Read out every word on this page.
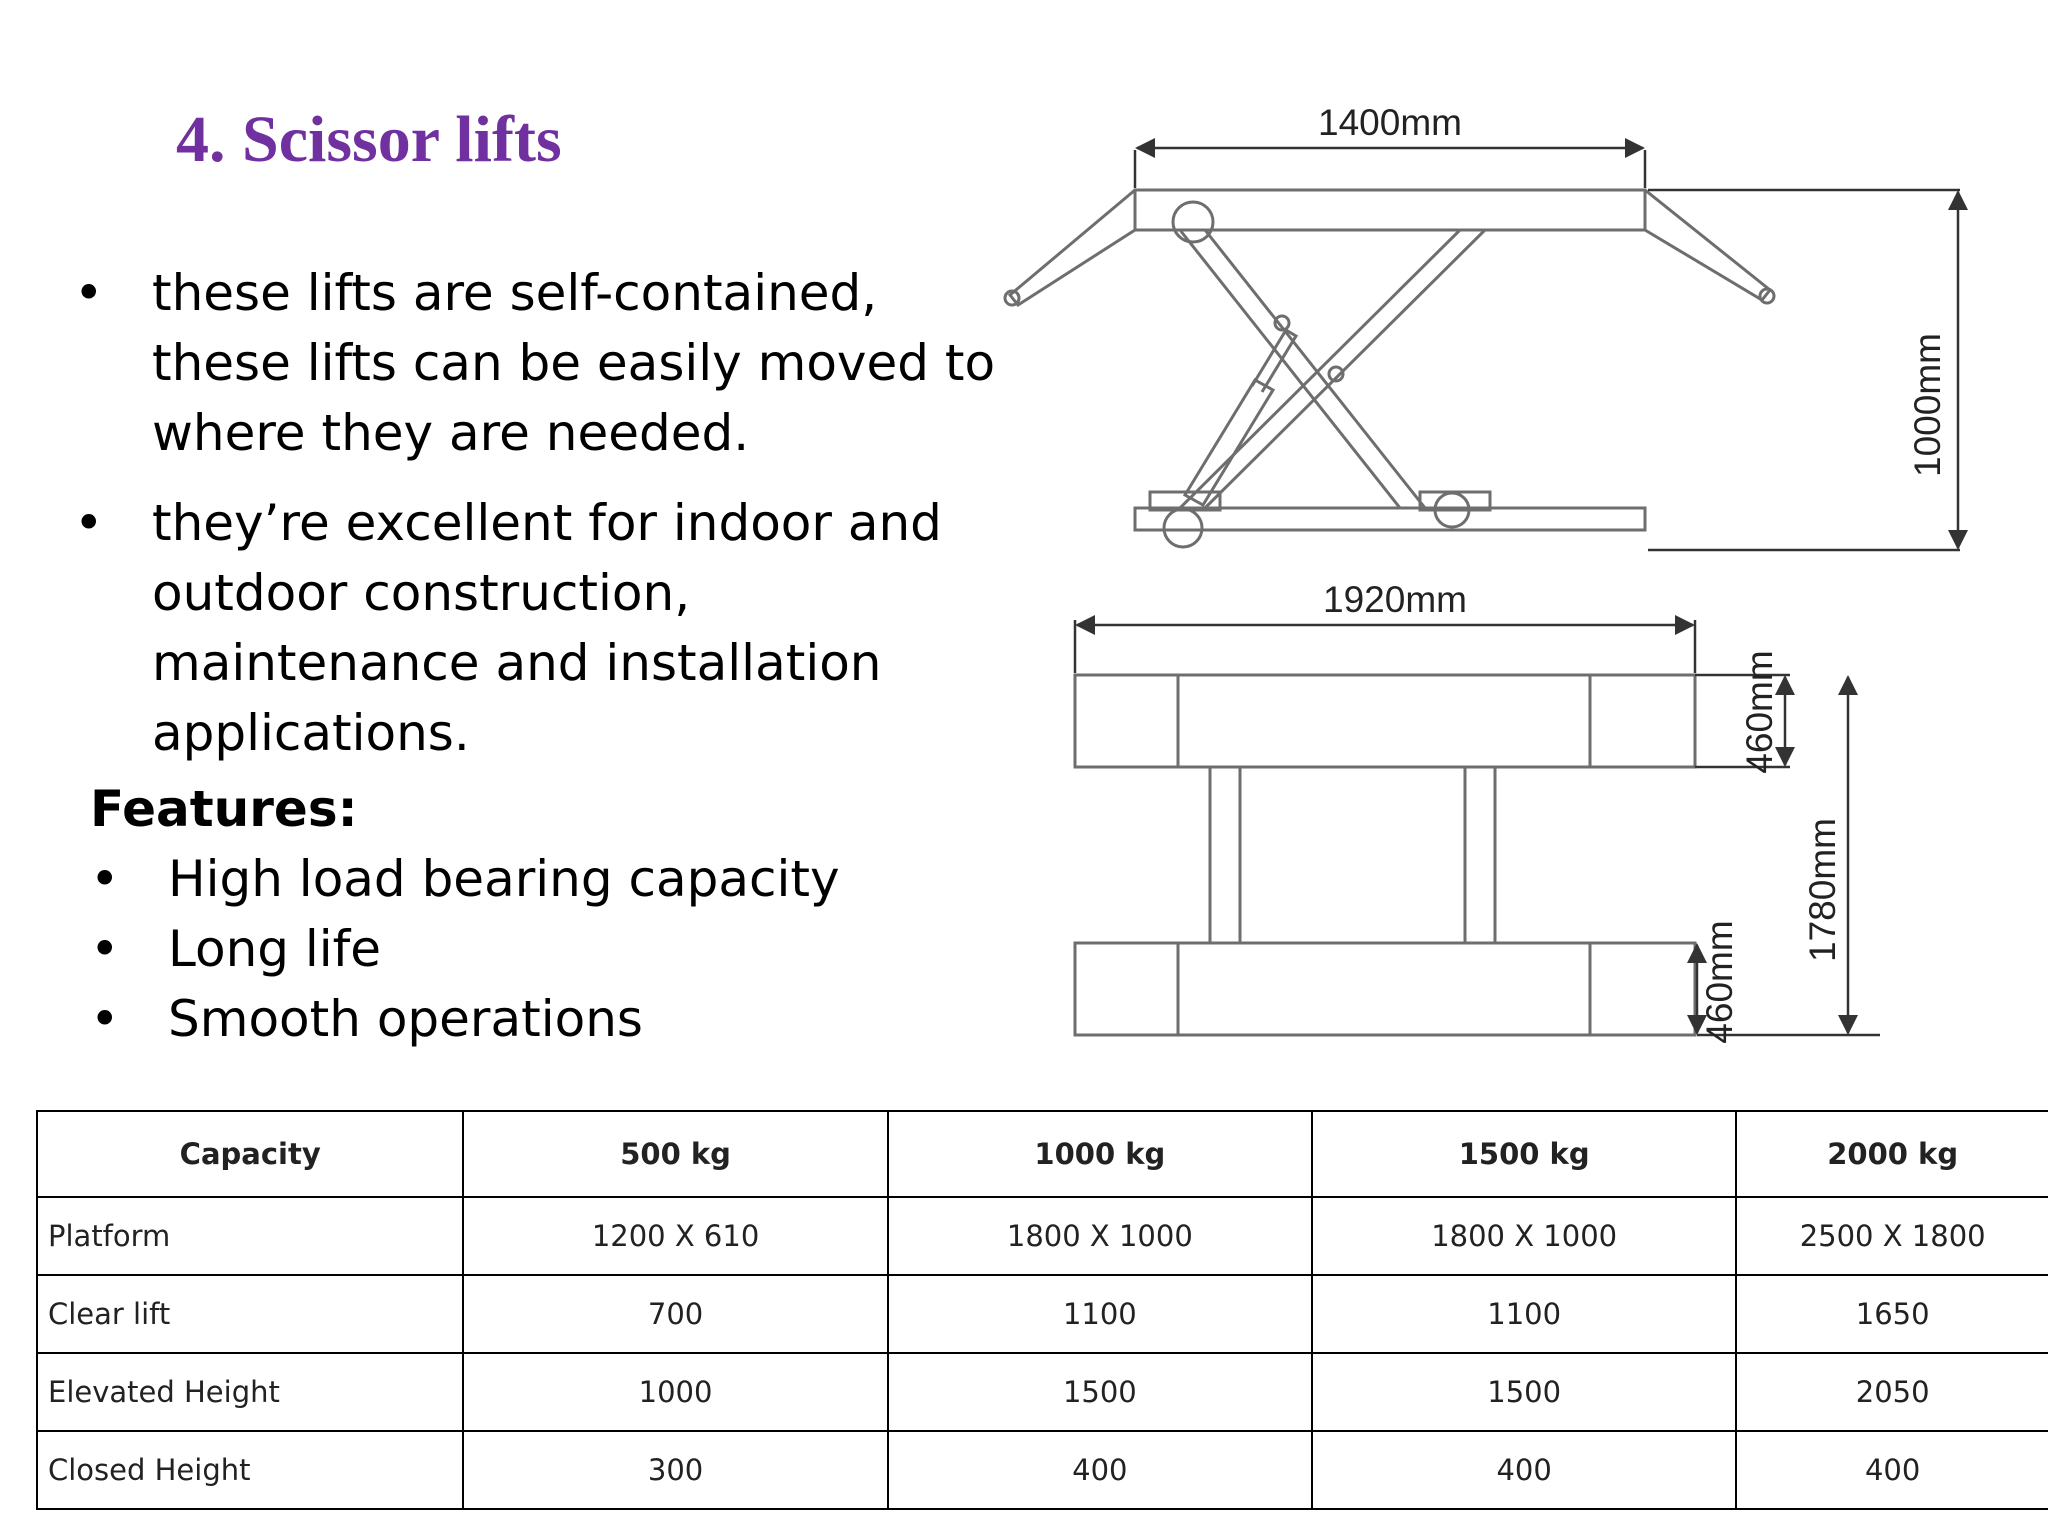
4. Scissor lifts
• these lifts are self-contained, these lifts can be easily moved to where they are needed.
• they’re excellent for indoor and outdoor construction, maintenance and installation applications.
Features:
• High load bearing capacity
• Long life
• Smooth operations
1400mm
1000mm
1920mm
460mm
460mm
1780mm
Capacity	500 kg	1000 kg	1500 kg	2000 kg
Platform	1200 X 610	1800 X 1000	1800 X 1000	2500 X 1800
Clear lift	700	1100	1100	1650
Elevated Height	1000	1500	1500	2050
Closed Height	300	400	400	400
